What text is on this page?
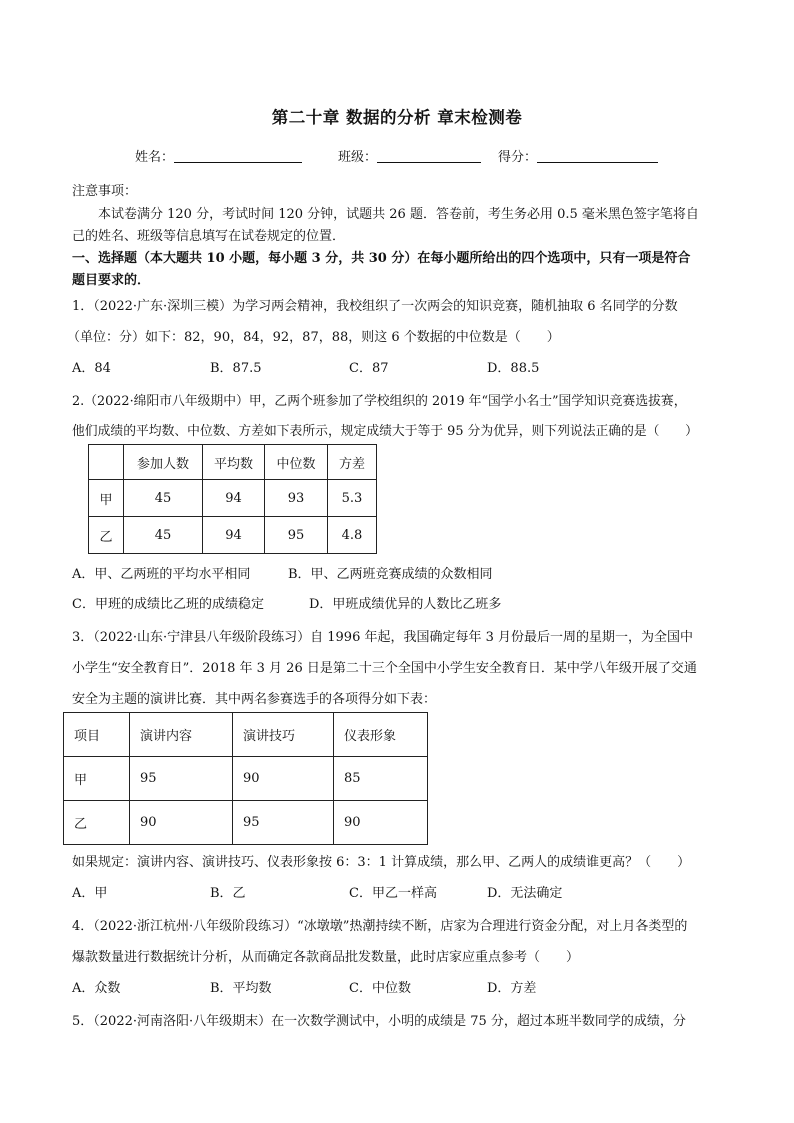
第二十章 数据的分析 章末检测卷
姓名：	班级：	得分：
注意事项：
本试卷满分 120 分，考试时间 120 分钟，试题共 26 题．答卷前，考生务必用 0.5 毫米黑色签字笔将自
己的姓名、班级等信息填写在试卷规定的位置．
一、选择题（本大题共 10 小题，每小题 3 分，共 30 分）在每小题所给出的四个选项中，只有一项是符合
题目要求的．
1．（2022·广东·深圳三模）为学习两会精神，我校组织了一次两会的知识竞赛，随机抽取 6 名同学的分数
（单位：分）如下：82，90，84，92，87，88，则这 6 个数据的中位数是（　　）
A．84	B．87.5	C．87	D．88.5
2.（2022·绵阳市八年级期中）甲，乙两个班参加了学校组织的 2019 年“国学小名士”国学知识竞赛选拔赛，
他们成绩的平均数、中位数、方差如下表所示，规定成绩大于等于 95 分为优异，则下列说法正确的是（　　）
	参加人数	平均数	中位数	方差
甲	45	94	93	5.3
乙	45	94	95	4.8
A．甲、乙两班的平均水平相同	B．甲、乙两班竞赛成绩的众数相同
C．甲班的成绩比乙班的成绩稳定	D．甲班成绩优异的人数比乙班多
3．（2022·山东·宁津县八年级阶段练习）自 1996 年起，我国确定每年 3 月份最后一周的星期一，为全国中
小学生“安全教育日”．2018 年 3 月 26 日是第二十三个全国中小学生安全教育日．某中学八年级开展了交通
安全为主题的演讲比赛．其中两名参赛选手的各项得分如下表：
项目	演讲内容	演讲技巧	仪表形象
甲	95	90	85
乙	90	95	90
如果规定：演讲内容、演讲技巧、仪表形象按 6：3：1 计算成绩，那么甲、乙两人的成绩谁更高？（　　）
A．甲	B．乙	C．甲乙一样高	D．无法确定
4．（2022·浙江杭州·八年级阶段练习）“冰墩墩”热潮持续不断，店家为合理进行资金分配，对上月各类型的
爆款数量进行数据统计分析，从而确定各款商品批发数量，此时店家应重点参考（　　）
A．众数	B．平均数	C．中位数	D．方差
5．（2022·河南洛阳·八年级期末）在一次数学测试中，小明的成绩是 75 分，超过本班半数同学的成绩，分
